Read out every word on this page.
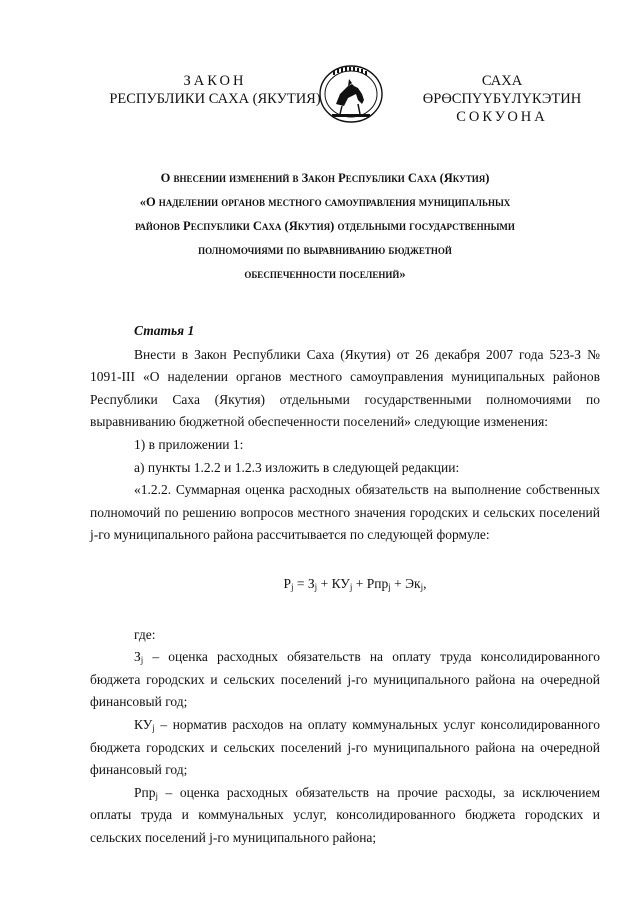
ЗАКОН
РЕСПУБЛИКИ САХА (ЯКУТИЯ)
САХА ӨРӨСПҮҮБҮЛҮКЭТИН
СОКУОНА
О внесении изменений в Закон Республики Саха (Якутия)
«О наделении органов местного самоуправления муниципальных
районов Республики Саха (Якутия) отдельными государственными
полномочиями по выравниванию бюджетной
обеспеченности поселений»

Статья 1

Внести в Закон Республики Саха (Якутия) от 26 декабря 2007 года 523-З № 1091-III «О наделении органов местного самоуправления муниципальных районов Республики Саха (Якутия) отдельными государственными полномочиями по выравниванию бюджетной обеспеченности поселений» следующие изменения:

1) в приложении 1:

а) пункты 1.2.2 и 1.2.3 изложить в следующей редакции:

«1.2.2. Суммарная оценка расходных обязательств на выполнение собственных полномочий по решению вопросов местного значения городских и сельских поселений j-го муниципального района рассчитывается по следующей формуле:

$P_j = З_j + КУ_j + Рпр_j + Эк_j$,

где:

$З_j$ – оценка расходных обязательств на оплату труда консолидированного бюджета городских и сельских поселений j-го муниципального района на очередной финансовый год;

$КУ_j$ – норматив расходов на оплату коммунальных услуг консолидированного бюджета городских и сельских поселений j-го муниципального района на очередной финансовый год;

Рпр$_j$ – оценка расходных обязательств на прочие расходы, за исключением оплаты труда и коммунальных услуг, консолидированного бюджета городских и сельских поселений j-го муниципального района;
